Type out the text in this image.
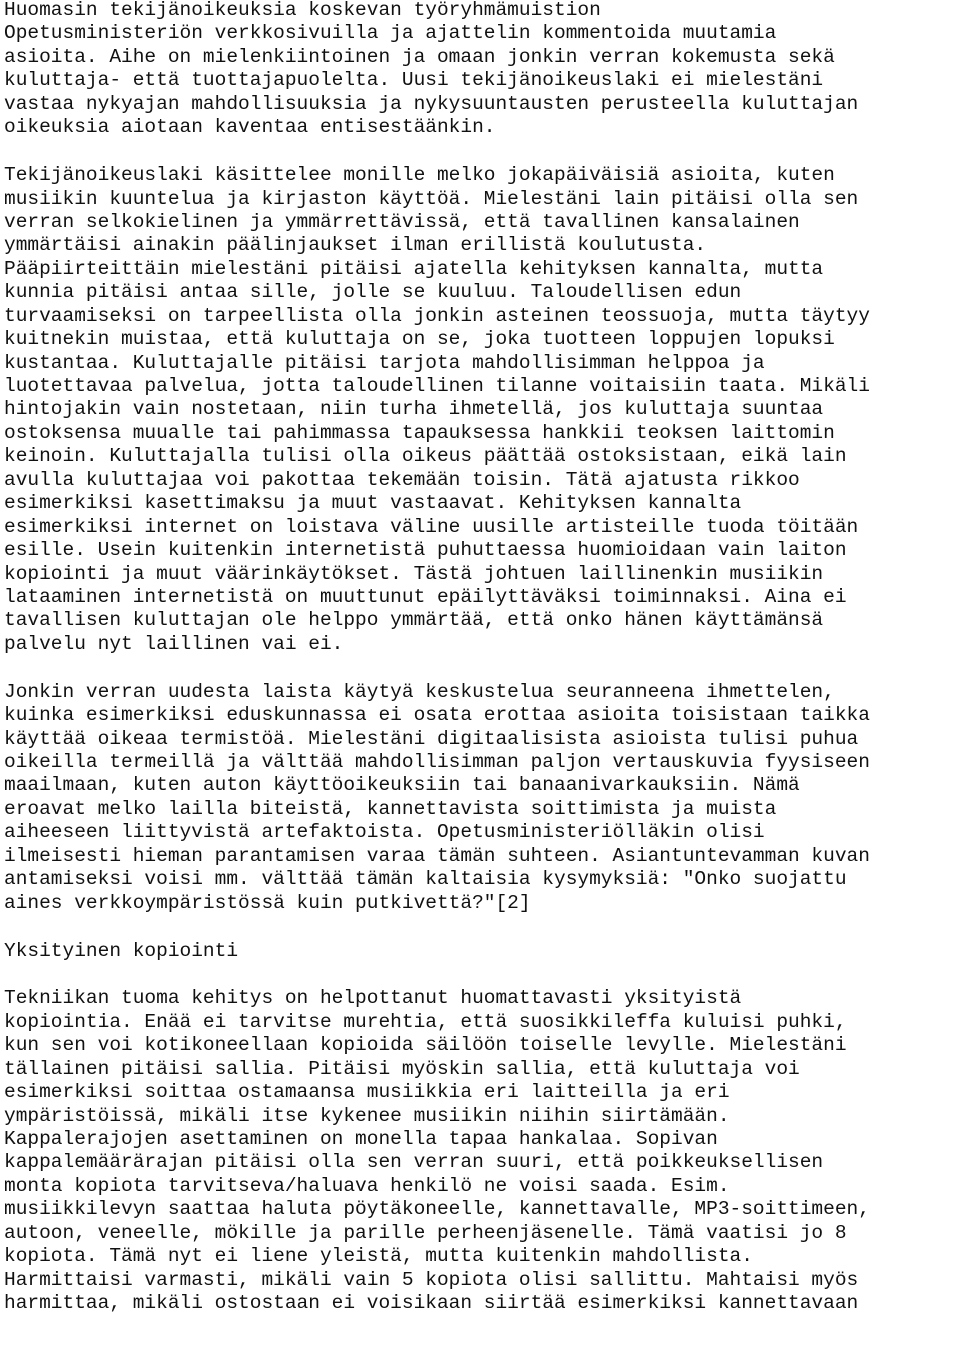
Huomasin tekijänoikeuksia koskevan työryhmämuistion
Opetusministeriön verkkosivuilla ja ajattelin kommentoida muutamia
asioita. Aihe on mielenkiintoinen ja omaan jonkin verran kokemusta sekä
kuluttaja- että tuottajapuolelta. Uusi tekijänoikeuslaki ei mielestäni
vastaa nykyajan mahdollisuuksia ja nykysuuntausten perusteella kuluttajan
oikeuksia aiotaan kaventaa entisestäänkin.
Tekijänoikeuslaki käsittelee monille melko jokapäiväisiä asioita, kuten
musiikin kuuntelua ja kirjaston käyttöä. Mielestäni lain pitäisi olla sen
verran selkokielinen ja ymmärrettävissä, että tavallinen kansalainen
ymmärtäisi ainakin päälinjaukset ilman erillistä koulutusta.
Pääpiirteittäin mielestäni pitäisi ajatella kehityksen kannalta, mutta
kunnia pitäisi antaa sille, jolle se kuuluu. Taloudellisen edun
turvaamiseksi on tarpeellista olla jonkin asteinen teossuoja, mutta täytyy
kuitnekin muistaa, että kuluttaja on se, joka tuotteen loppujen lopuksi
kustantaa. Kuluttajalle pitäisi tarjota mahdollisimman helppoa ja
luotettavaa palvelua, jotta taloudellinen tilanne voitaisiin taata. Mikäli
hintojakin vain nostetaan, niin turha ihmetellä, jos kuluttaja suuntaa
ostoksensa muualle tai pahimmassa tapauksessa hankkii teoksen laittomin
keinoin. Kuluttajalla tulisi olla oikeus päättää ostoksistaan, eikä lain
avulla kuluttajaa voi pakottaa tekemään toisin. Tätä ajatusta rikkoo
esimerkiksi kasettimaksu ja muut vastaavat. Kehityksen kannalta
esimerkiksi internet on loistava väline uusille artisteille tuoda töitään
esille. Usein kuitenkin internetistä puhuttaessa huomioidaan vain laiton
kopiointi ja muut väärinkäytökset. Tästä johtuen laillinenkin musiikin
lataaminen internetistä on muuttunut epäilyttäväksi toiminnaksi. Aina ei
tavallisen kuluttajan ole helppo ymmärtää, että onko hänen käyttämänsä
palvelu nyt laillinen vai ei.
Jonkin verran uudesta laista käytyä keskustelua seuranneena ihmettelen,
kuinka esimerkiksi eduskunnassa ei osata erottaa asioita toisistaan taikka
käyttää oikeaa termistöä. Mielestäni digitaalisista asioista tulisi puhua
oikeilla termeillä ja välttää mahdollisimman paljon vertauskuvia fyysiseen
maailmaan, kuten auton käyttöoikeuksiin tai banaanivarkauksiin. Nämä
eroavat melko lailla biteistä, kannettavista soittimista ja muista
aiheeseen liittyvistä artefaktoista. Opetusministeriölläkin olisi
ilmeisesti hieman parantamisen varaa tämän suhteen. Asiantuntevamman kuvan
antamiseksi voisi mm. välttää tämän kaltaisia kysymyksiä: "Onko suojattu
aines verkkoympäristössä kuin putkivettä?"[2]
Yksityinen kopiointi
Tekniikan tuoma kehitys on helpottanut huomattavasti yksityistä
kopiointia. Enää ei tarvitse murehtia, että suosikkileffa kuluisi puhki,
kun sen voi kotikoneellaan kopioida säilöön toiselle levylle. Mielestäni
tällainen pitäisi sallia. Pitäisi myöskin sallia, että kuluttaja voi
esimerkiksi soittaa ostamaansa musiikkia eri laitteilla ja eri
ympäristöissä, mikäli itse kykenee musiikin niihin siirtämään.
Kappalerajojen asettaminen on monella tapaa hankalaa. Sopivan
kappalemäärärajan pitäisi olla sen verran suuri, että poikkeuksellisen
monta kopiota tarvitseva/haluava henkilö ne voisi saada. Esim.
musiikkilevyn saattaa haluta pöytäkoneelle, kannettavalle, MP3-soittimeen,
autoon, veneelle, mökille ja parille perheenjäsenelle. Tämä vaatisi jo 8
kopiota. Tämä nyt ei liene yleistä, mutta kuitenkin mahdollista.
Harmittaisi varmasti, mikäli vain 5 kopiota olisi sallittu. Mahtaisi myös
harmittaa, mikäli ostostaan ei voisikaan siirtää esimerkiksi kannettavaan
